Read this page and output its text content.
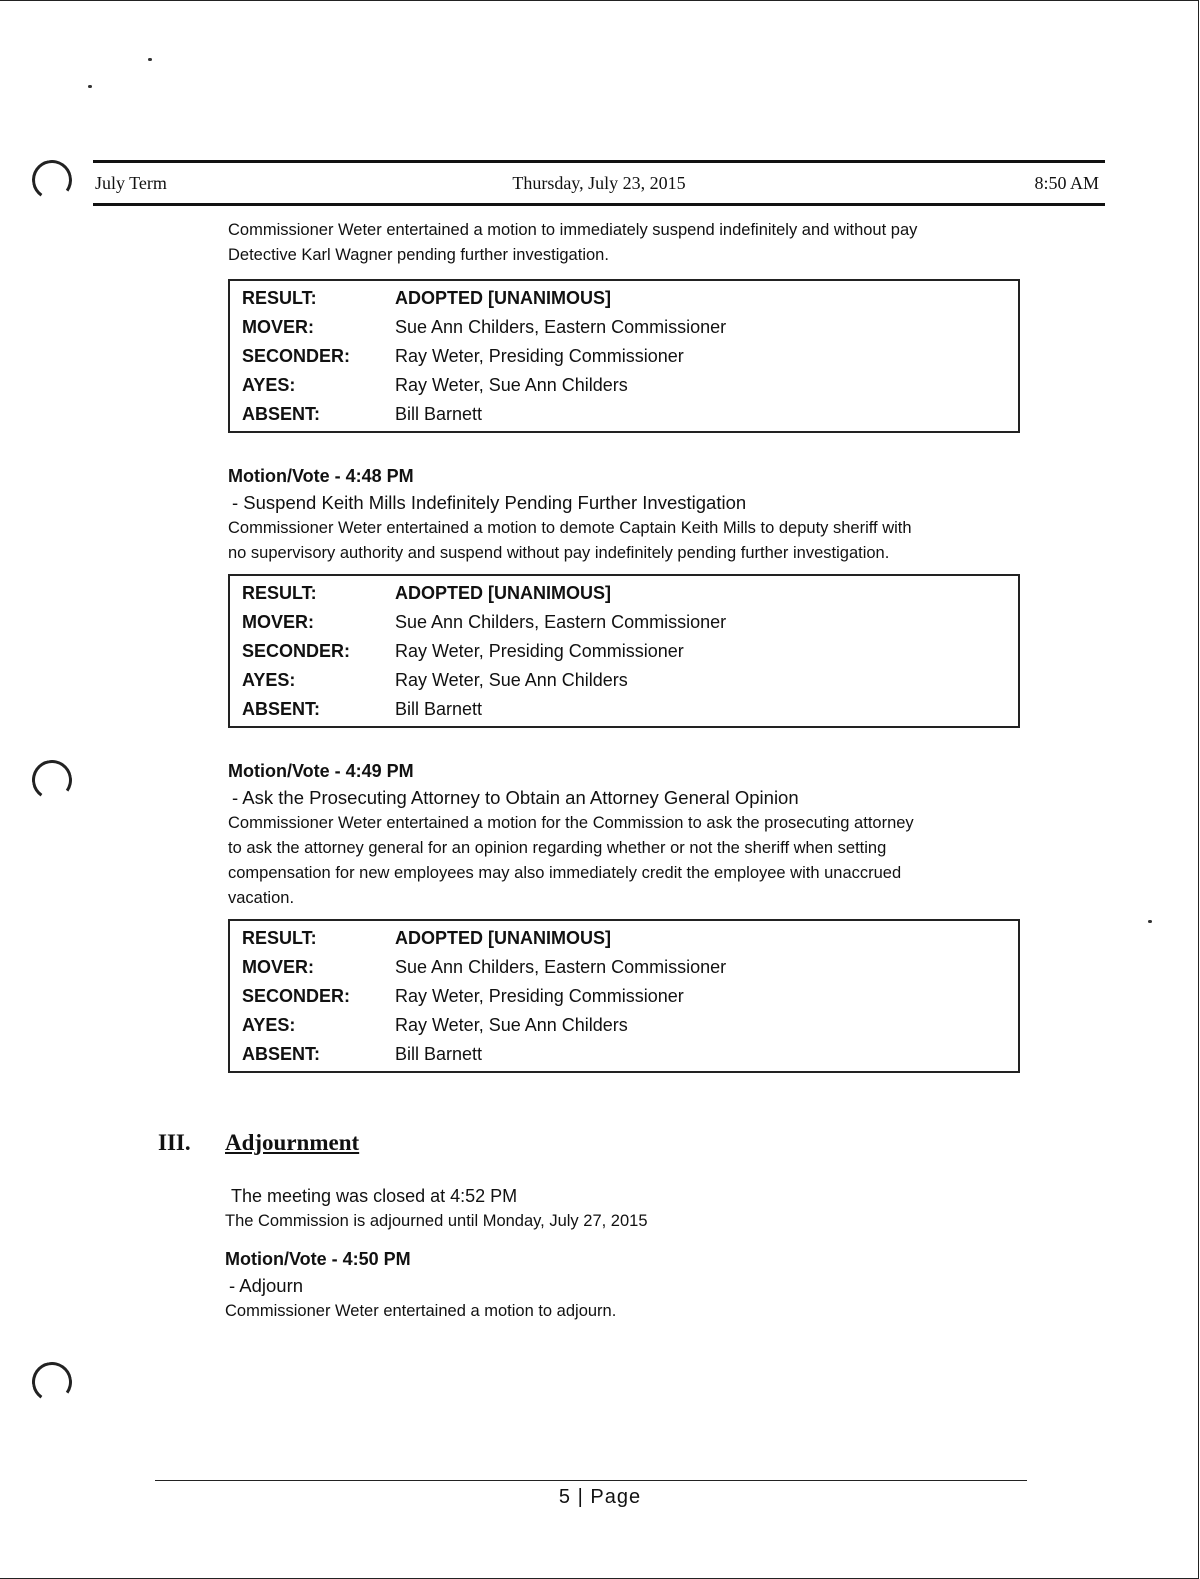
July Term	Thursday, July 23, 2015	8:50 AM

Commissioner Weter entertained a motion to immediately suspend indefinitely and without pay

Detective Karl Wagner pending further investigation.

RESULT:	ADOPTED [UNANIMOUS]
MOVER:	Sue Ann Childers, Eastern Commissioner
SECONDER:	Ray Weter, Presiding Commissioner
AYES:	Ray Weter, Sue Ann Childers
ABSENT:	Bill Barnett

Motion/Vote - 4:48 PM

- Suspend Keith Mills Indefinitely Pending Further Investigation

Commissioner Weter entertained a motion to demote Captain Keith Mills to deputy sheriff with

no supervisory authority and suspend without pay indefinitely pending further investigation.

RESULT:	ADOPTED [UNANIMOUS]
MOVER:	Sue Ann Childers, Eastern Commissioner
SECONDER:	Ray Weter, Presiding Commissioner
AYES:	Ray Weter, Sue Ann Childers
ABSENT:	Bill Barnett

Motion/Vote - 4:49 PM

- Ask the Prosecuting Attorney to Obtain an Attorney General Opinion

Commissioner Weter entertained a motion for the Commission to ask the prosecuting attorney

to ask the attorney general for an opinion regarding whether or not the sheriff when setting

compensation for new employees may also immediately credit the employee with unaccrued

vacation.

RESULT:	ADOPTED [UNANIMOUS]
MOVER:	Sue Ann Childers, Eastern Commissioner
SECONDER:	Ray Weter, Presiding Commissioner
AYES:	Ray Weter, Sue Ann Childers
ABSENT:	Bill Barnett
III. Adjournment

The meeting was closed at 4:52 PM

The Commission is adjourned until Monday, July 27, 2015

Motion/Vote - 4:50 PM

- Adjourn

Commissioner Weter entertained a motion to adjourn.

5 | Page
